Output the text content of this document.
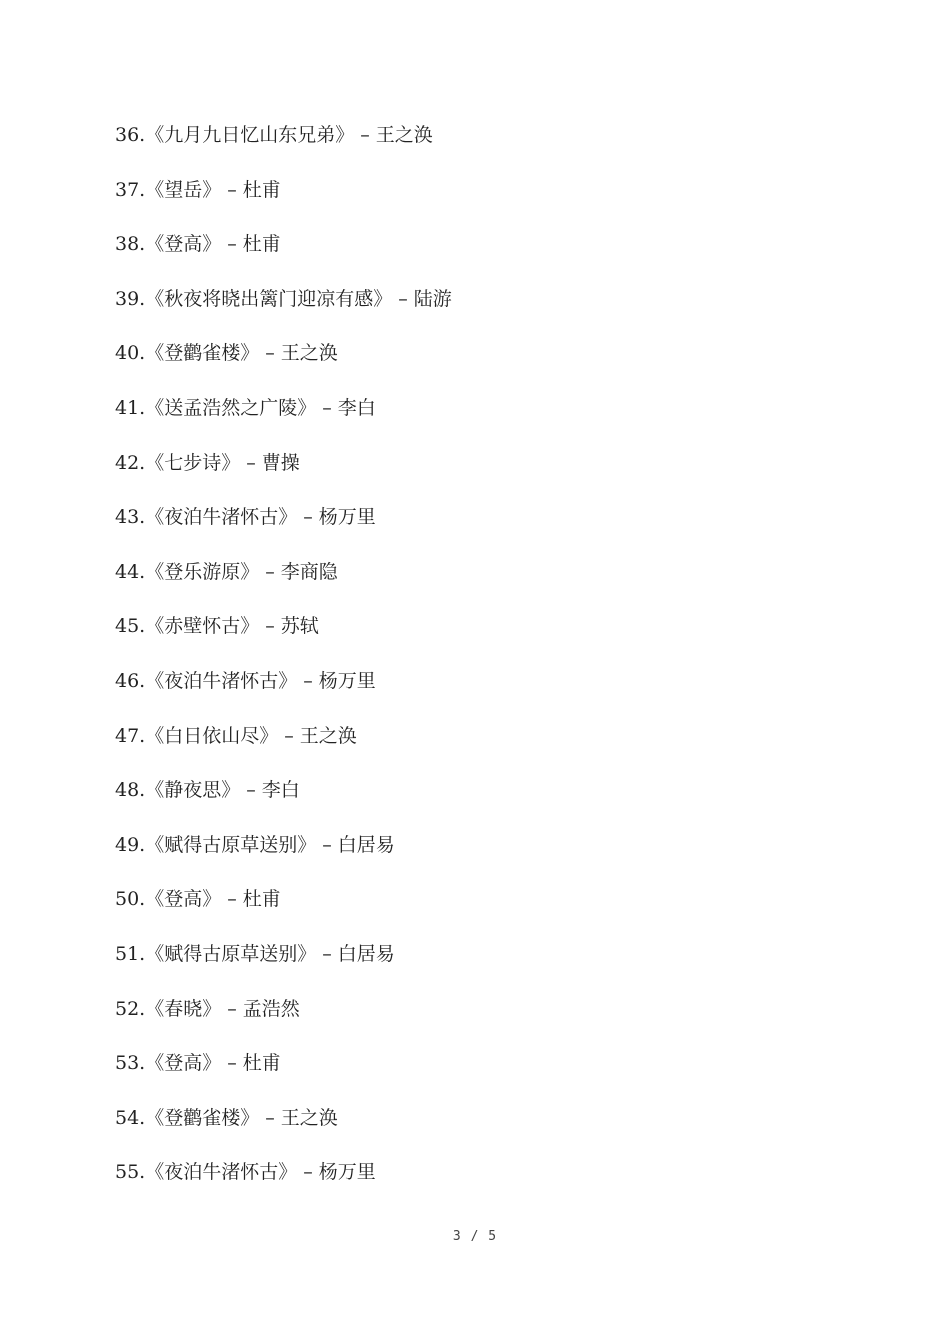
36.《九月九日忆山东兄弟》 – 王之涣
37.《望岳》 – 杜甫
38.《登高》 – 杜甫
39.《秋夜将晓出篱门迎凉有感》 – 陆游
40.《登鹳雀楼》 – 王之涣
41.《送孟浩然之广陵》 – 李白
42.《七步诗》 – 曹操
43.《夜泊牛渚怀古》 – 杨万里
44.《登乐游原》 – 李商隐
45.《赤壁怀古》 – 苏轼
46.《夜泊牛渚怀古》 – 杨万里
47.《白日依山尽》 – 王之涣
48.《静夜思》 – 李白
49.《赋得古原草送别》 – 白居易
50.《登高》 – 杜甫
51.《赋得古原草送别》 – 白居易
52.《春晓》 – 孟浩然
53.《登高》 – 杜甫
54.《登鹳雀楼》 – 王之涣
55.《夜泊牛渚怀古》 – 杨万里
3 / 5
